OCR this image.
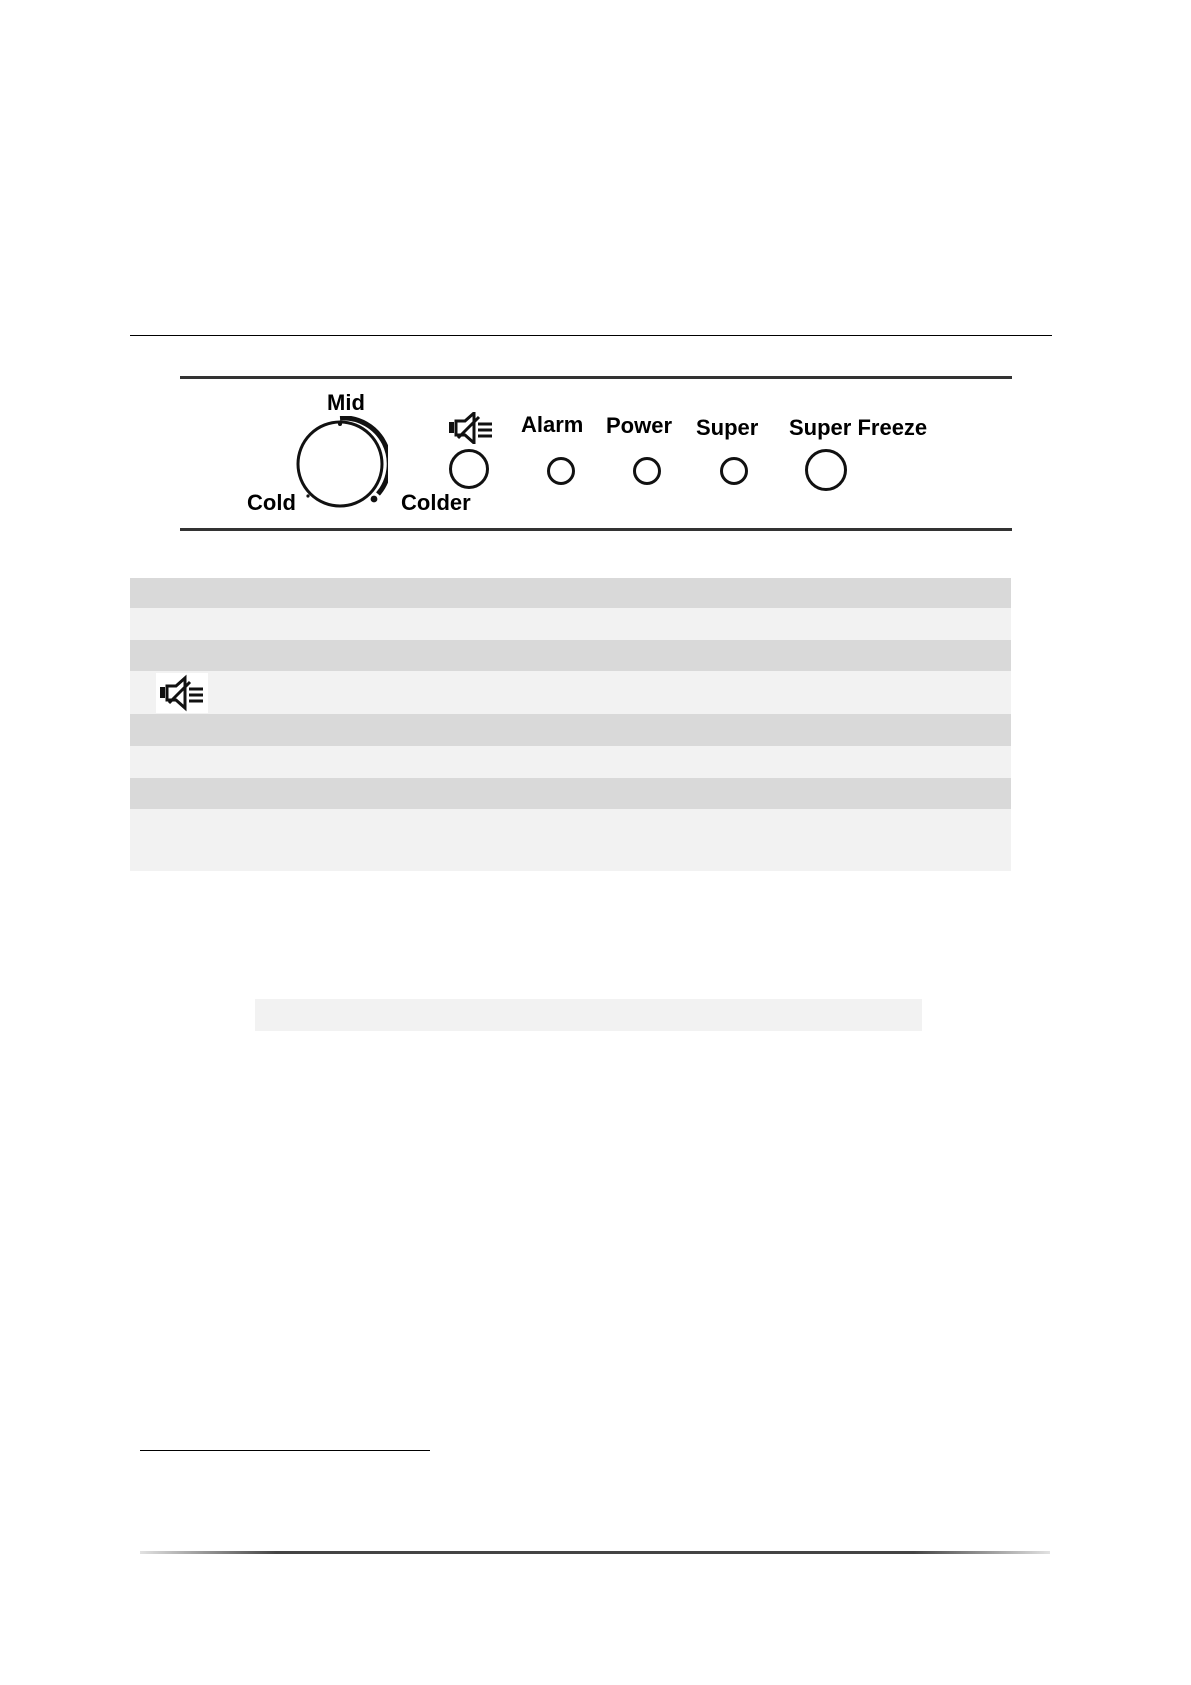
Mid
Cold	Colder
Alarm Power Super Super Freeze
